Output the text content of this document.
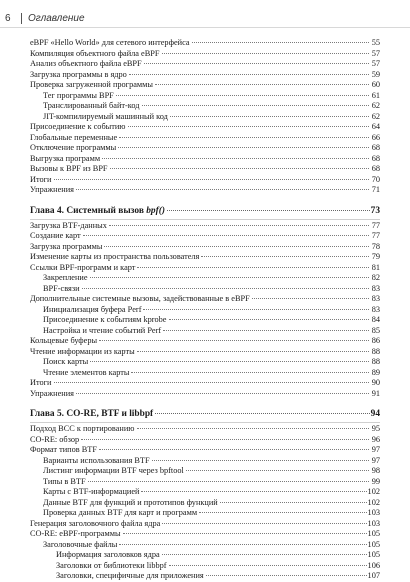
6	Оглавление
eBPF «Hello World» для сетевого интерфейса	55
Компиляция объектного файла eBPF	57
Анализ объектного файла eBPF	57
Загрузка программы в ядро	59
Проверка загруженной программы	60
Тег программы BPF	61
Транслированный байт-код	62
JIT-компилируемый машинный код	62
Присоединение к событию	64
Глобальные переменные	66
Отключение программы	68
Выгрузка программ	68
Вызовы к BPF из BPF	68
Итоги	70
Упражнения	71
Глава 4. Системный вызов bpf()	73
Загрузка BTF-данных	77
Создание карт	77
Загрузка программы	78
Изменение карты из пространства пользователя	79
Ссылки BPF-программ и карт	81
Закрепление	82
BPF-связи	83
Дополнительные системные вызовы, задействованные в eBPF	83
Инициализация буфера Perf	83
Присоединение к событиям kprobe	84
Настройка и чтение событий Perf	85
Кольцевые буферы	86
Чтение информации из карты	88
Поиск карты	88
Чтение элементов карты	89
Итоги	90
Упражнения	91
Глава 5. CO-RE, BTF и libbpf	94
Подход BCC к портированию	95
CO-RE: обзор	96
Формат типов BTF	97
Варианты использования BTF	97
Листинг информации BTF через bpftool	98
Типы в BTF	99
Карты с BTF-информацией	102
Данные BTF для функций и прототипов функций	102
Проверка данных BTF для карт и программ	103
Генерация заголовочного файла ядра	103
CO-RE: eBPF-программы	105
Заголовочные файлы	105
Информация заголовков ядра	105
Заголовки от библиотеки libbpf	106
Заголовки, специфичные для приложения	107
